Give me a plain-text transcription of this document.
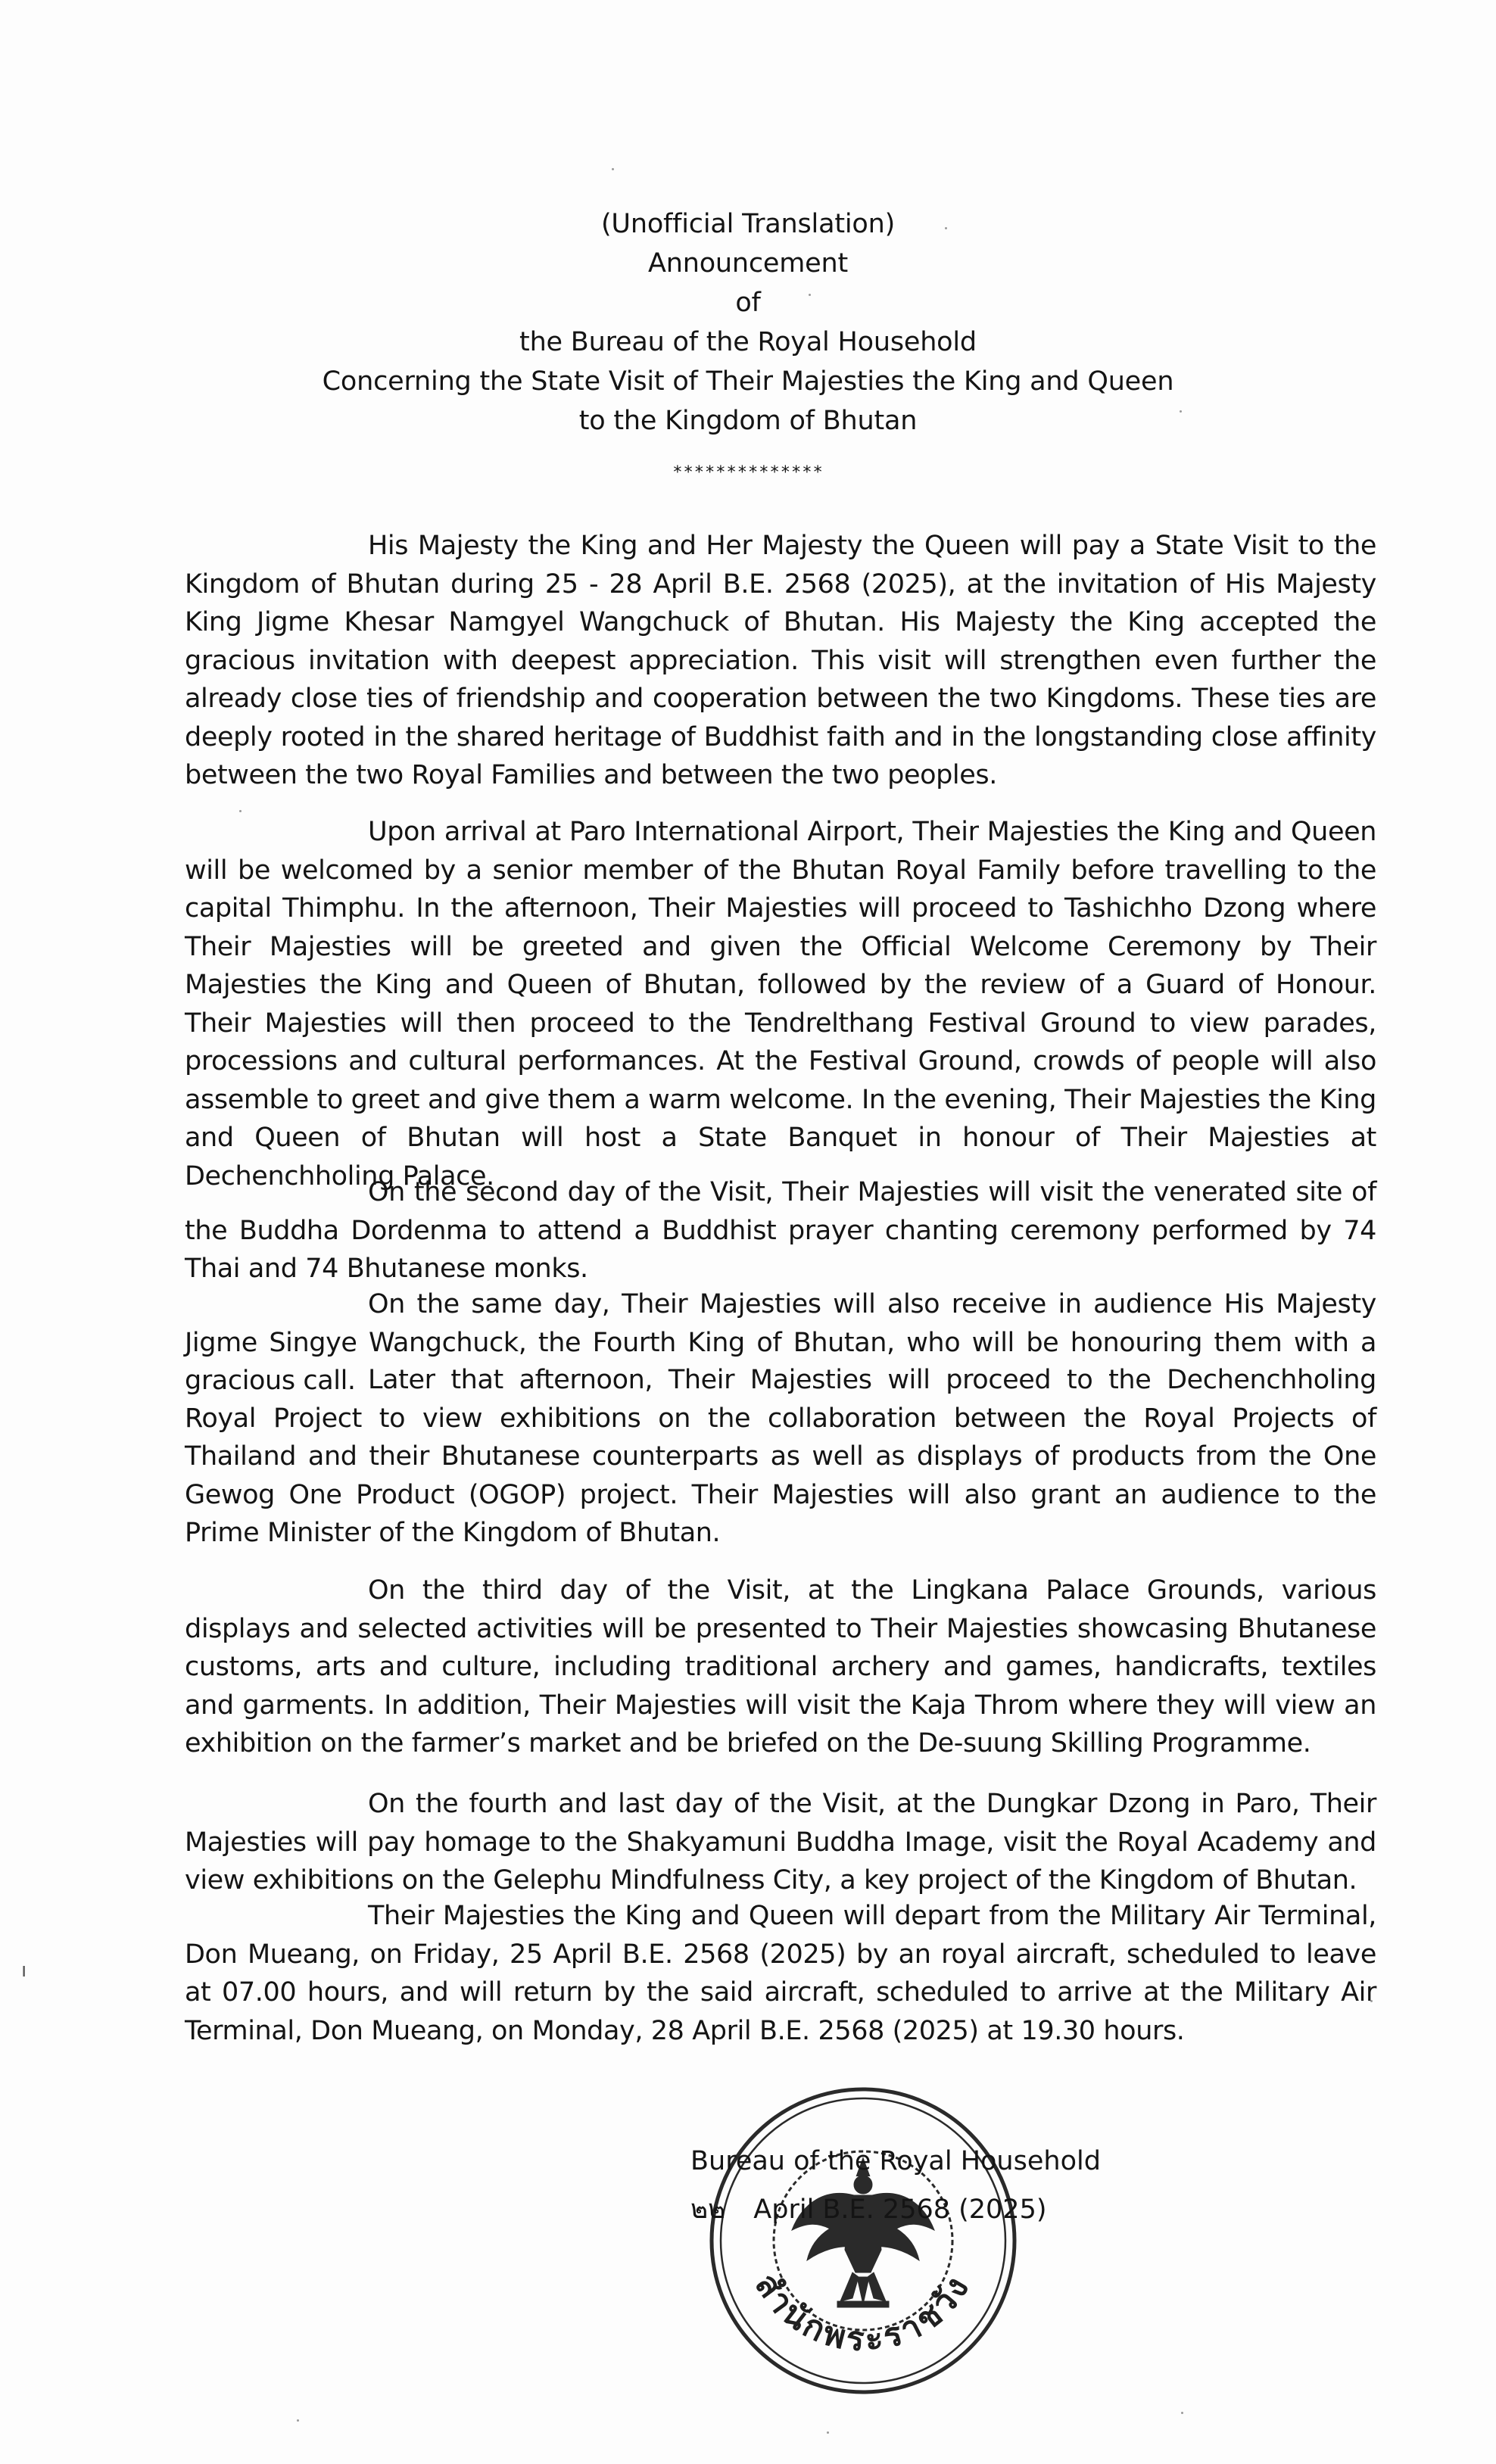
ı
(Unofficial Translation)
Announcement
of
the Bureau of the Royal Household
Concerning the State Visit of Their Majesties the King and Queen
to the Kingdom of Bhutan
**************

His Majesty the King and Her Majesty the Queen will pay a State Visit to the Kingdom of Bhutan during 25 - 28 April B.E. 2568 (2025), at the invitation of His Majesty King Jigme Khesar Namgyel Wangchuck of Bhutan. His Majesty the King accepted the gracious invitation with deepest appreciation. This visit will strengthen even further the already close ties of friendship and cooperation between the two Kingdoms. These ties are deeply rooted in the shared heritage of Buddhist faith and in the longstanding close affinity between the two Royal Families and between the two peoples.

Upon arrival at Paro International Airport, Their Majesties the King and Queen will be welcomed by a senior member of the Bhutan Royal Family before travelling to the capital Thimphu. In the afternoon, Their Majesties will proceed to Tashichho Dzong where Their Majesties will be greeted and given the Official Welcome Ceremony by Their Majesties the King and Queen of Bhutan, followed by the review of a Guard of Honour. Their Majesties will then proceed to the Tendrelthang Festival Ground to view parades, processions and cultural performances. At the Festival Ground, crowds of people will also assemble to greet and give them a warm welcome. In the evening, Their Majesties the King and Queen of Bhutan will host a State Banquet in honour of Their Majesties at Dechenchholing Palace.

On the second day of the Visit, Their Majesties will visit the venerated site of the Buddha Dordenma to attend a Buddhist prayer chanting ceremony performed by 74 Thai and 74 Bhutanese monks.

On the same day, Their Majesties will also receive in audience His Majesty Jigme Singye Wangchuck, the Fourth King of Bhutan, who will be honouring them with a gracious call. Later that afternoon, Their Majesties will proceed to the Dechenchholing Royal Project to view exhibitions on the collaboration between the Royal Projects of Thailand and their Bhutanese counterparts as well as displays of products from the One Gewog One Product (OGOP) project. Their Majesties will also grant an audience to the Prime Minister of the Kingdom of Bhutan.

On the third day of the Visit, at the Lingkana Palace Grounds, various displays and selected activities will be presented to Their Majesties showcasing Bhutanese customs, arts and culture, including traditional archery and games, handicrafts, textiles and garments. In addition, Their Majesties will visit the Kaja Throm where they will view an exhibition on the farmer’s market and be briefed on the De-suung Skilling Programme.

On the fourth and last day of the Visit, at the Dungkar Dzong in Paro, Their Majesties will pay homage to the Shakyamuni Buddha Image, visit the Royal Academy and view exhibitions on the Gelephu Mindfulness City, a key project of the Kingdom of Bhutan.

Their Majesties the King and Queen will depart from the Military Air Terminal, Don Mueang, on Friday, 25 April B.E. 2568 (2025) by an royal aircraft, scheduled to leave at 07.00 hours, and will return by the said aircraft, scheduled to arrive at the Military Air Terminal, Don Mueang, on Monday, 28 April B.E. 2568 (2025) at 19.30 hours.

สำนักพระราชวัง
Bureau of the Royal Household
๒๒ April B.E. 2568 (2025)
